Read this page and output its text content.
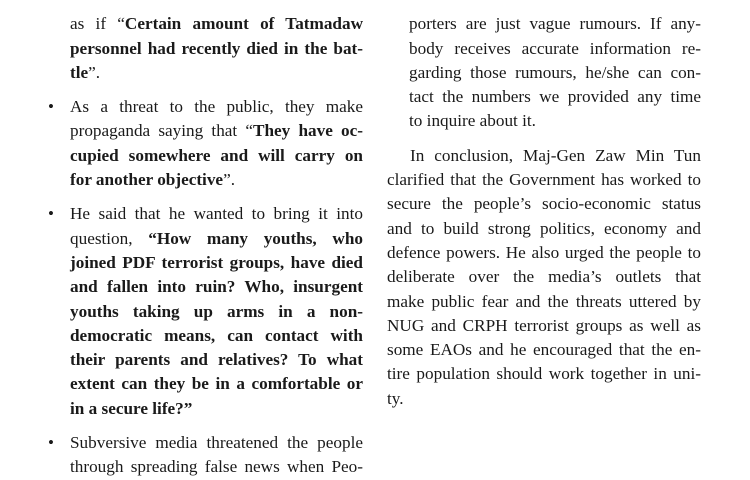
as if “Certain amount of Tatmadaw
personnel had recently died in the bat-
tle”.
• As a threat to the public, they make
propaganda saying that “They have oc-
cupied somewhere and will carry on
for another objective”.
• He said that he wanted to bring it into
question, “How many youths, who
joined PDF terrorist groups, have died
and fallen into ruin? Who, insurgent
youths taking up arms in a non-
democratic means, can contact with
their parents and relatives? To what
extent can they be in a comfortable or
in a secure life?”
• Subversive media threatened the people
through spreading false news when Peo-
porters are just vague rumours. If any-
body receives accurate information re-
garding those rumours, he/she can con-
tact the numbers we provided any time
to inquire about it.
In conclusion, Maj-Gen Zaw Min Tun
clarified that the Government has worked to
secure the people’s socio-economic status
and to build strong politics, economy and
defence powers. He also urged the people to
deliberate over the media’s outlets that
make public fear and the threats uttered by
NUG and CRPH terrorist groups as well as
some EAOs and he encouraged that the en-
tire population should work together in uni-
ty.
